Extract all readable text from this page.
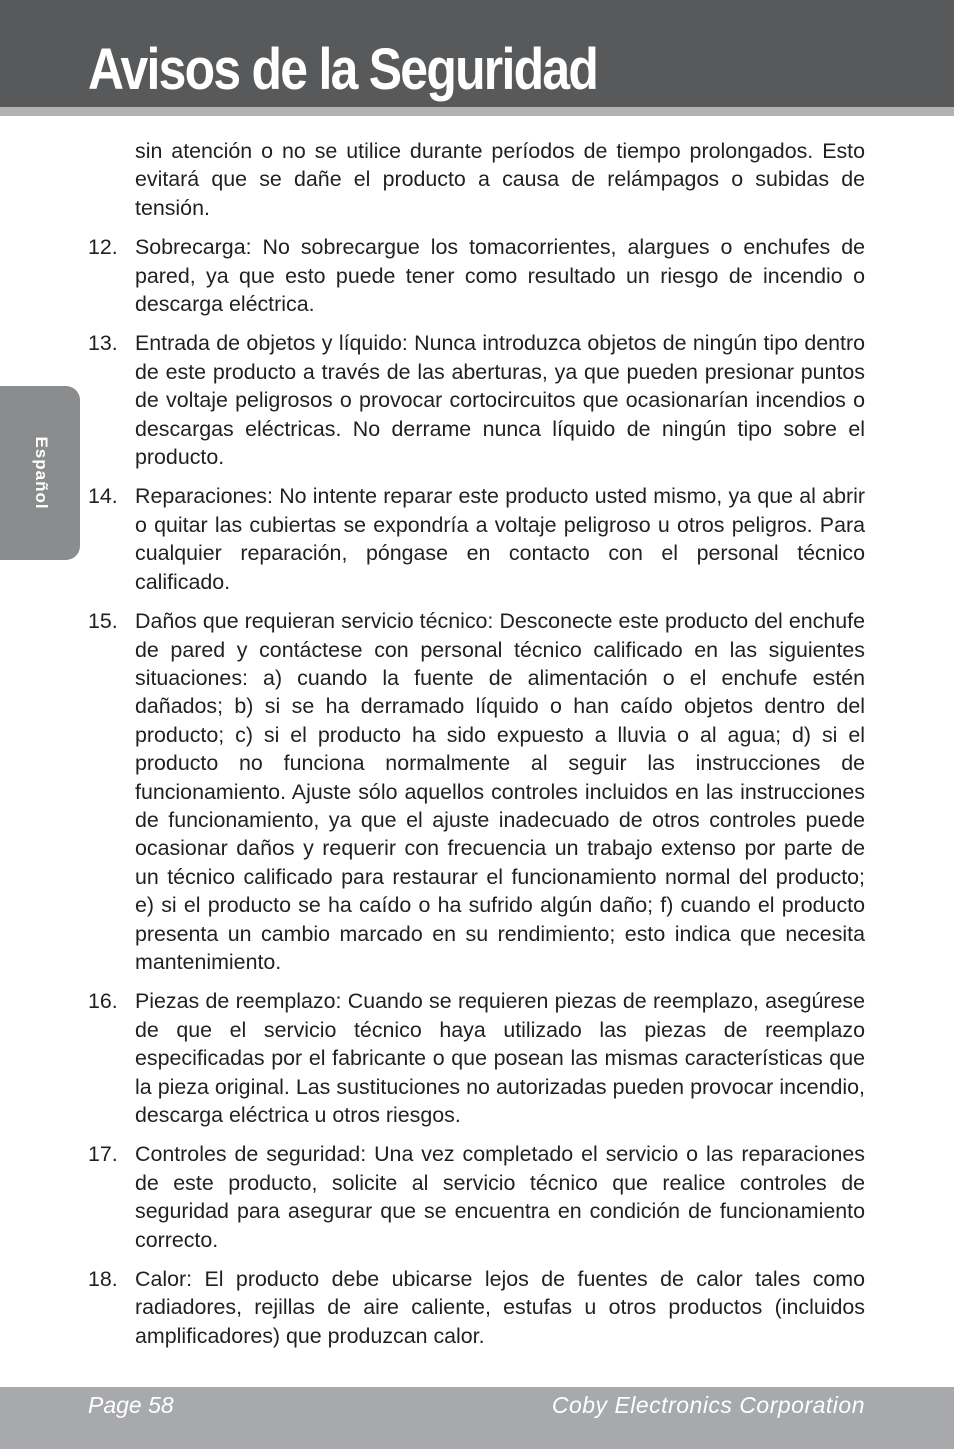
Avisos de la Seguridad
Español
sin atención o no se utilice durante períodos de tiempo prolongados. Esto evitará que se dañe el producto a causa de relámpagos o subidas de tensión.
12. Sobrecarga: No sobrecargue los tomacorrientes, alargues o enchufes de pared, ya que esto puede tener como resultado un riesgo de incendio o descarga eléctrica.
13. Entrada de objetos y líquido: Nunca introduzca objetos de ningún tipo dentro de este producto a través de las aberturas, ya que pueden presionar puntos de voltaje peligrosos o provocar cortocircuitos que ocasionarían incendios o descargas eléctricas. No derrame nunca líquido de ningún tipo sobre el producto.
14. Reparaciones: No intente reparar este producto usted mismo, ya que al abrir o quitar las cubiertas se expondría a voltaje peligroso u otros peligros. Para cualquier reparación, póngase en contacto con el personal técnico calificado.
15. Daños que requieran servicio técnico: Desconecte este producto del enchufe de pared y contáctese con personal técnico calificado en las siguientes situaciones: a) cuando la fuente de alimentación o el enchufe estén dañados; b) si se ha derramado líquido o han caído objetos dentro del producto; c) si el producto ha sido expuesto a lluvia o al agua; d) si el producto no funciona normalmente al seguir las instrucciones de funcionamiento. Ajuste sólo aquellos controles incluidos en las instrucciones de funcionamiento, ya que el ajuste inadecuado de otros controles puede ocasionar daños y requerir con frecuencia un trabajo extenso por parte de un técnico calificado para restaurar el funcionamiento normal del producto; e) si el producto se ha caído o ha sufrido algún daño; f) cuando el producto presenta un cambio marcado en su rendimiento; esto indica que necesita mantenimiento.
16. Piezas de reemplazo: Cuando se requieren piezas de reemplazo, asegúrese de que el servicio técnico haya utilizado las piezas de reemplazo especificadas por el fabricante o que posean las mismas características que la pieza original. Las sustituciones no autorizadas pueden provocar incendio, descarga eléctrica u otros riesgos.
17. Controles de seguridad: Una vez completado el servicio o las reparaciones de este producto, solicite al servicio técnico que realice controles de seguridad para asegurar que se encuentra en condición de funcionamiento correcto.
18. Calor: El producto debe ubicarse lejos de fuentes de calor tales como radiadores, rejillas de aire caliente, estufas u otros productos (incluidos amplificadores) que produzcan calor.
Page 58	Coby Electronics Corporation
